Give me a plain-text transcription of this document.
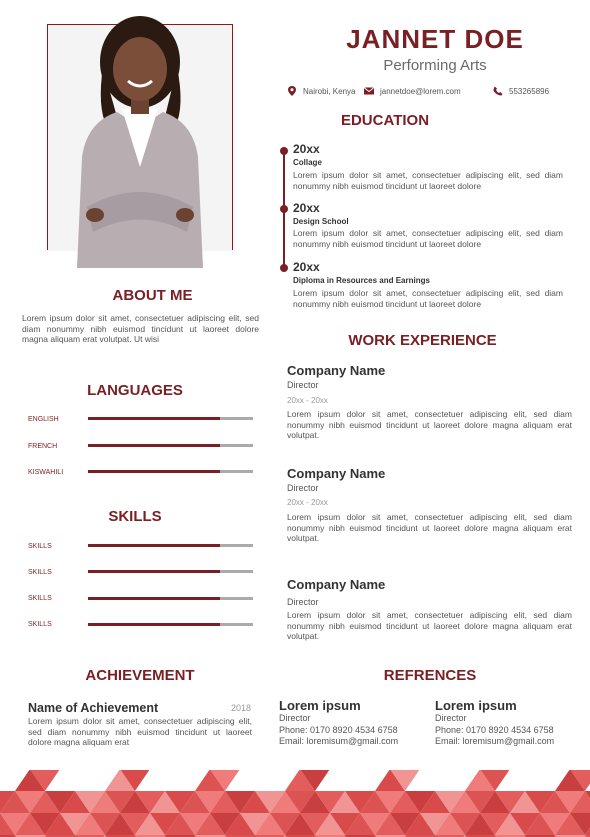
JANNET DOE
Performing Arts
Nairobi, Kenya	jannetdoe@lorem.com	553265896
EDUCATION
20xx
Collage
Lorem ipsum dolor sit amet, consectetuer adipiscing elit, sed diam nonummy nibh euismod tincidunt ut laoreet dolore
20xx
Design School
Lorem ipsum dolor sit amet, consectetuer adipiscing elit, sed diam nonummy nibh euismod tincidunt ut laoreet dolore
20xx
Diploma in Resources and Earnings
Lorem ipsum dolor sit amet, consectetuer adipiscing elit, sed diam nonummy nibh euismod tincidunt ut laoreet dolore
ABOUT ME
Lorem ipsum dolor sit amet, consectetuer adipiscing elit, sed diam nonummy nibh euismod tincidunt ut laoreet dolore magna aliquam erat volutpat. Ut wisi
LANGUAGES
ENGLISH
FRENCH
KISWAHILI
SKILLS
SKILLS
SKILLS
SKILLS
SKILLS
WORK EXPERIENCE
Company Name
Director
20xx - 20xx
Lorem ipsum dolor sit amet, consectetuer adipiscing elit, sed diam nonummy nibh euismod tincidunt ut laoreet dolore magna aliquam erat volutpat.
Company Name
Director
20xx - 20xx
Lorem ipsum dolor sit amet, consectetuer adipiscing elit, sed diam nonummy nibh euismod tincidunt ut laoreet dolore magna aliquam erat volutpat.
Company Name
Director
Lorem ipsum dolor sit amet, consectetuer adipiscing elit, sed diam nonummy nibh euismod tincidunt ut laoreet dolore magna aliquam erat volutpat.
ACHIEVEMENT
Name of Achievement	2018
Lorem ipsum dolor sit amet, consectetuer adipiscing elit, sed diam nonummy nibh euismod tincidunt ut laoreet dolore magna aliquam erat
REFRENCES
Lorem ipsum
Director
Phone: 0170 8920 4534 6758
Email: loremisum@gmail.com
Lorem ipsum
Director
Phone: 0170 8920 4534 6758
Email: loremisum@gmail.com
